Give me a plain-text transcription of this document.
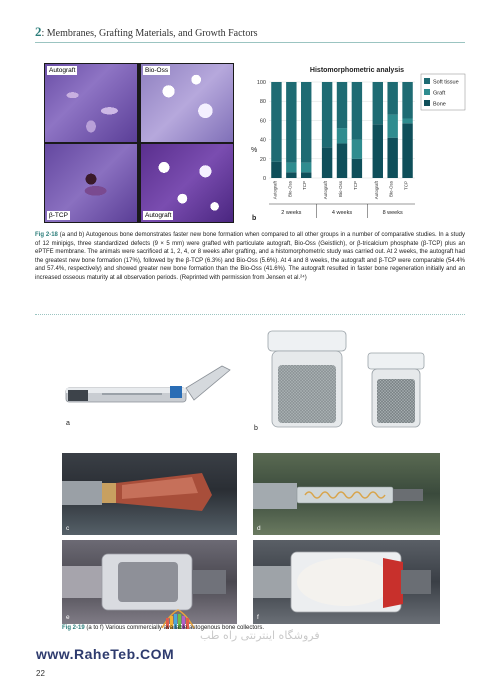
2: Membranes, Grafting Materials, and Growth Factors
Autograft	Bio-Oss
β-TCP	Autograft
Histomorphometric analysis
0
20
40
60
80
100
%
Autograft Bio-Oss TCP	Autograft Bio-Oss TCP	Autograft Bio-Oss TCP
2 weeks	4 weeks	8 weeks
Soft tissue
Graft
Bone
b
Fig 2-18 (a and b) Autogenous bone demonstrates faster new bone formation when compared to all other groups in a number of comparative studies. In a study of 12 minipigs, three standardized defects (9 × 5 mm) were grafted with particulate autograft, Bio-Oss (Geistlich), or β-tricalcium phosphate (β-TCP) plus an ePTFE membrane. The animals were sacrificed at 1, 2, 4, or 8 weeks after grafting, and a histomorphometric study was carried out. At 2 weeks, the autograft had the greatest new bone formation (17%), followed by the β-TCP (6.3%) and Bio-Oss (5.6%). At 4 and 8 weeks, the autograft and β-TCP were comparable (54.4% and 57.4%, respectively) and showed greater new bone formation than the Bio-Oss (41.6%). The autograft resulted in faster bone regeneration initially and an increased osseous maturity at all observation periods. (Reprinted with permission from Jensen et al.²⁴)
a
b
c	d
e	f
فروشگاه اینترنتی راه طب
Fig 2-19 (a to f) Various commercially available autogenous bone collectors.
www.RaheTeb.COM
22
